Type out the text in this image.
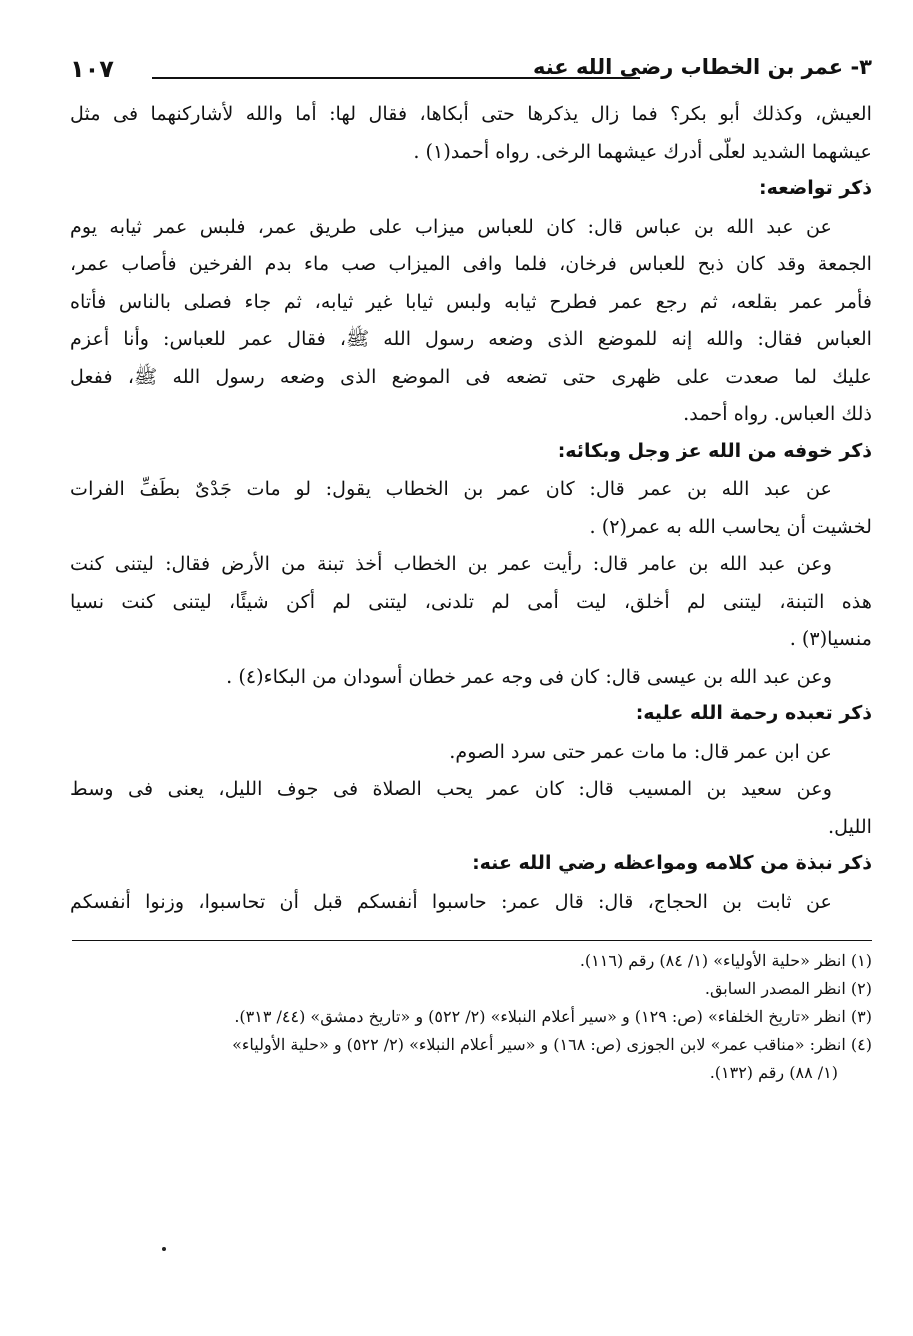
٣- عمر بن الخطاب رضي الله عنه
١٠٧
العيش، وكذلك أبو بكر؟ فما زال يذكرها حتى أبكاها، فقال لها: أما والله لأشاركنهما فى مثل
عيشهما الشديد لعلّى أدرك عيشهما الرخى. رواه أحمد(١) .
ذكر تواضعه:
عن عبد الله بن عباس قال: كان للعباس ميزاب على طريق عمر، فلبس عمر ثيابه يوم
الجمعة وقد كان ذبح للعباس فرخان، فلما وافى الميزاب صب ماء بدم الفرخين فأصاب عمر،
فأمر عمر بقلعه، ثم رجع عمر فطرح ثيابه ولبس ثيابا غير ثيابه، ثم جاء فصلى بالناس فأتاه
العباس فقال: والله إنه للموضع الذى وضعه رسول الله ﷺ، فقال عمر للعباس: وأنا أعزم
عليك لما صعدت على ظهرى حتى تضعه فى الموضع الذى وضعه رسول الله ﷺ، ففعل
ذلك العباس. رواه أحمد.
ذكر خوفه من الله عز وجل وبكائه:
عن عبد الله بن عمر قال: كان عمر بن الخطاب يقول: لو مات جَدْىٌ بطَفِّ الفرات
لخشيت أن يحاسب الله به عمر(٢) .
وعن عبد الله بن عامر قال: رأيت عمر بن الخطاب أخذ تبنة من الأرض فقال: ليتنى كنت
هذه التبنة، ليتنى لم أخلق، ليت أمى لم تلدنى، ليتنى لم أكن شيئًا، ليتنى كنت نسيا
منسيا(٣) .
وعن عبد الله بن عيسى قال: كان فى وجه عمر خطان أسودان من البكاء(٤) .
ذكر تعبده رحمة الله عليه:
عن ابن عمر قال: ما مات عمر حتى سرد الصوم.
وعن سعيد بن المسيب قال: كان عمر يحب الصلاة فى جوف الليل، يعنى فى وسط
الليل.
ذكر نبذة من كلامه ومواعظه رضي الله عنه:
عن ثابت بن الحجاج، قال: قال عمر: حاسبوا أنفسكم قبل أن تحاسبوا، وزنوا أنفسكم
(١) انظر «حلية الأولياء» (١/ ٨٤) رقم (١١٦).
(٢) انظر المصدر السابق.
(٣) انظر «تاريخ الخلفاء» (ص: ١٢٩) و «سير أعلام النبلاء» (٢/ ٥٢٢) و «تاريخ دمشق» (٤٤/ ٣١٣).
(٤) انظر: «مناقب عمر» لابن الجوزى (ص: ١٦٨) و «سير أعلام النبلاء» (٢/ ٥٢٢) و «حلية الأولياء»
(١/ ٨٨) رقم (١٣٢).
